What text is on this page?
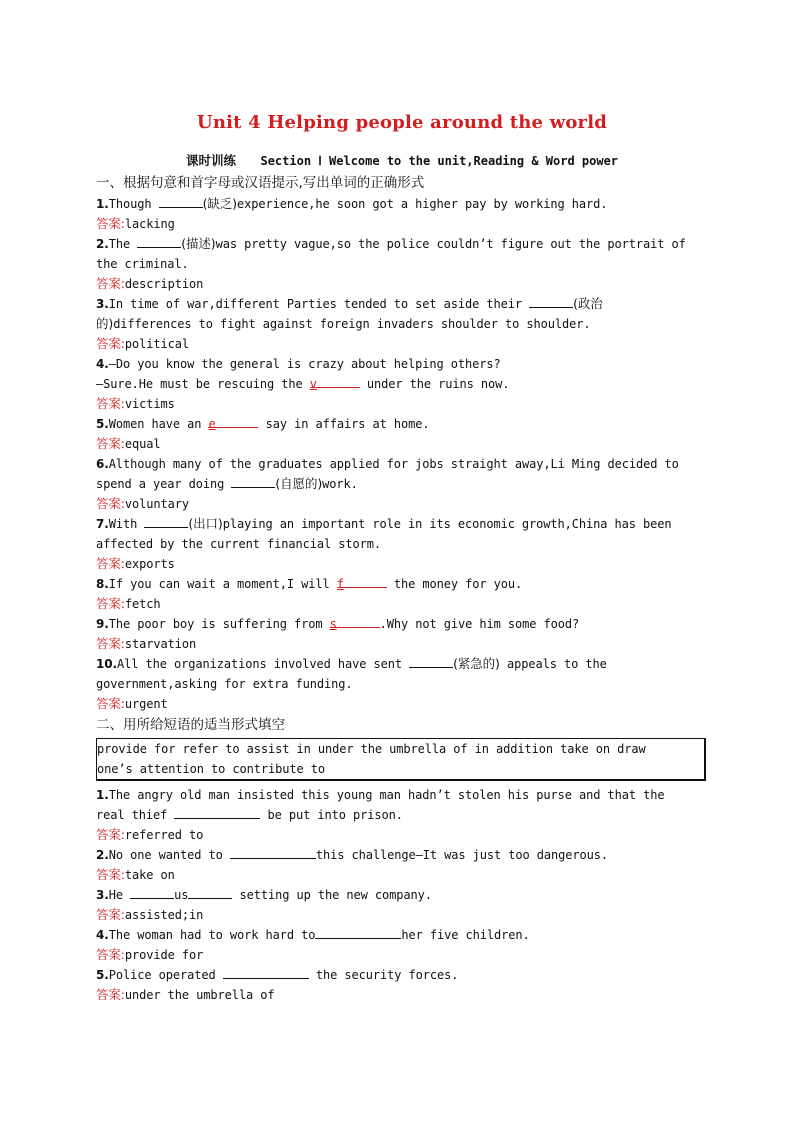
Unit 4 Helping people around the world
课时训练 Section Ⅰ Welcome to the unit,Reading & Word power
一、根据句意和首字母或汉语提示,写出单词的正确形式
1.Though	(缺乏)experience,he soon got a higher pay by working hard.
答案:lacking
2.The	(描述)was pretty vague,so the police couldn’t figure out the portrait of
the criminal.
答案:description
3.In time of war,different Parties tended to set aside their	(政治
的)differences to fight against foreign invaders shoulder to shoulder.
答案:political
4.—Do you know the general is crazy about helping others?
—Sure.He must be rescuing the v	under the ruins now.
答案:victims
5.Women have an e	say in affairs at home.
答案:equal
6.Although many of the graduates applied for jobs straight away,Li Ming decided to
spend a year doing	(自愿的)work.
答案:voluntary
7.With	(出口)playing an important role in its economic growth,China has been
affected by the current financial storm.
答案:exports
8.If you can wait a moment,I will f	the money for you.
答案:fetch
9.The poor boy is suffering from s	.Why not give him some food?
答案:starvation
10.All the organizations involved have sent	(紧急的) appeals to the
government,asking for extra funding.
答案:urgent
二、用所给短语的适当形式填空
provide for refer to assist in under the umbrella of in addition take on draw
one’s attention to contribute to
1.The angry old man insisted this young man hadn’t stolen his purse and that the
real thief	be put into prison.
答案:referred to
2.No one wanted to	this challenge—It was just too dangerous.
答案:take on
3.He	us	setting up the new company.
答案:assisted;in
4.The woman had to work hard to	her five children.
答案:provide for
5.Police operated	the security forces.
答案:under the umbrella of
